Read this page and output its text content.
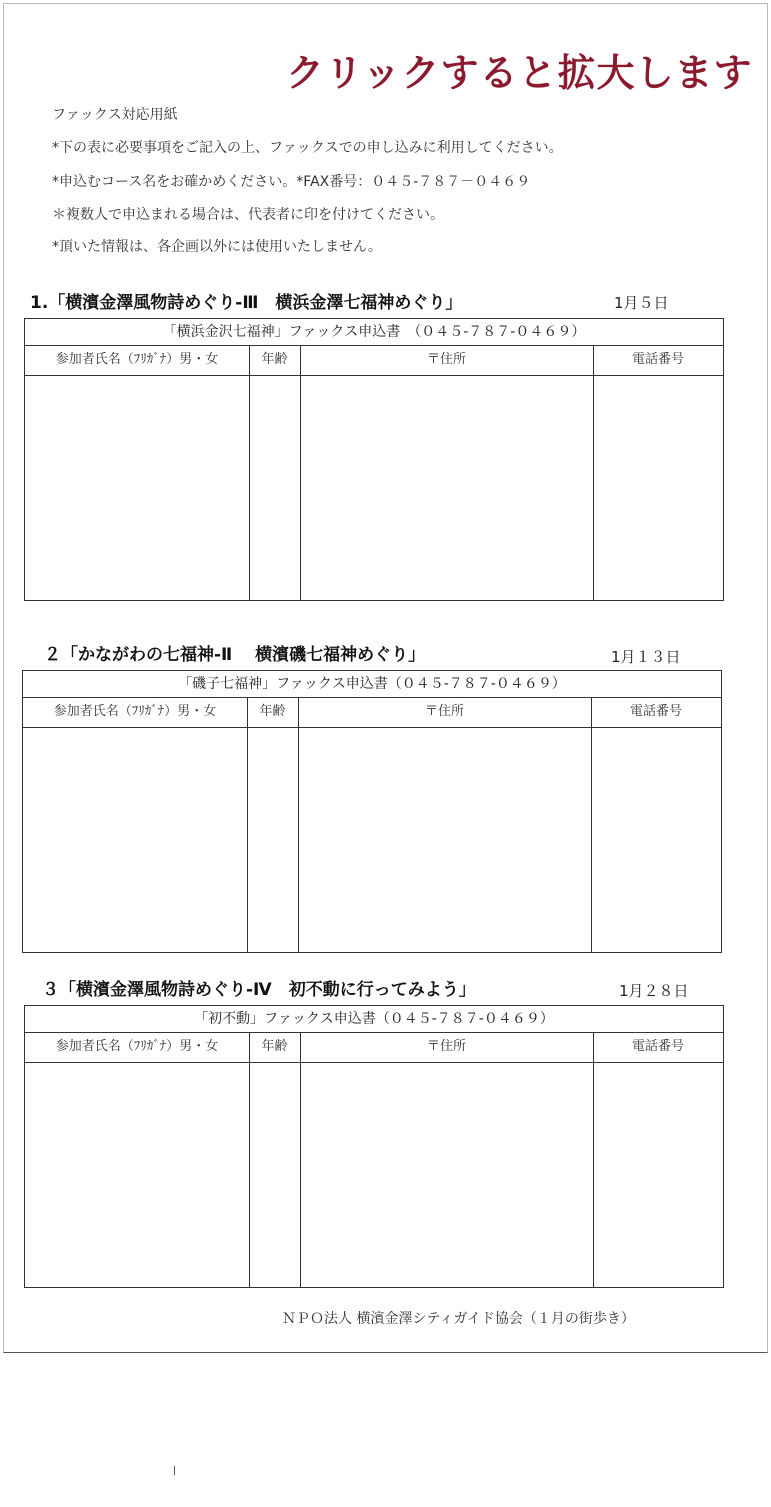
クリックすると拡大します
ファックス対応用紙
*下の表に必要事項をご記入の上、ファックスでの申し込みに利用してください。
*申込むコース名をお確かめください。*FAX番号：０４５-７８７－０４６９
＊複数人で申込まれる場合は、代表者に印を付けてください。
*頂いた情報は、各企画以外には使用いたしません。
1.「横濱金澤風物詩めぐり-Ⅲ　横浜金澤七福神めぐり」	1月５日
「横浜金沢七福神」ファックス申込書　（０４５-７８７-０４６９）
参加者氏名（ﾌﾘｶﾞﾅ）男・女	年齢	〒住所	電話番号
２「かながわの七福神-Ⅱ　 横濱磯七福神めぐり」	1月１３日
「磯子七福神」ファックス申込書（０４５-７８７-０４６９）
参加者氏名（ﾌﾘｶﾞﾅ）男・女	年齢	〒住所	電話番号
３「横濱金澤風物詩めぐり-Ⅳ　初不動に行ってみよう」	1月２８日
「初不動」ファックス申込書（０４５-７８７-０４６９）
参加者氏名（ﾌﾘｶﾞﾅ）男・女	年齢	〒住所	電話番号
ＮＰＯ法人 横濱金澤シティガイド協会（１月の街歩き）
